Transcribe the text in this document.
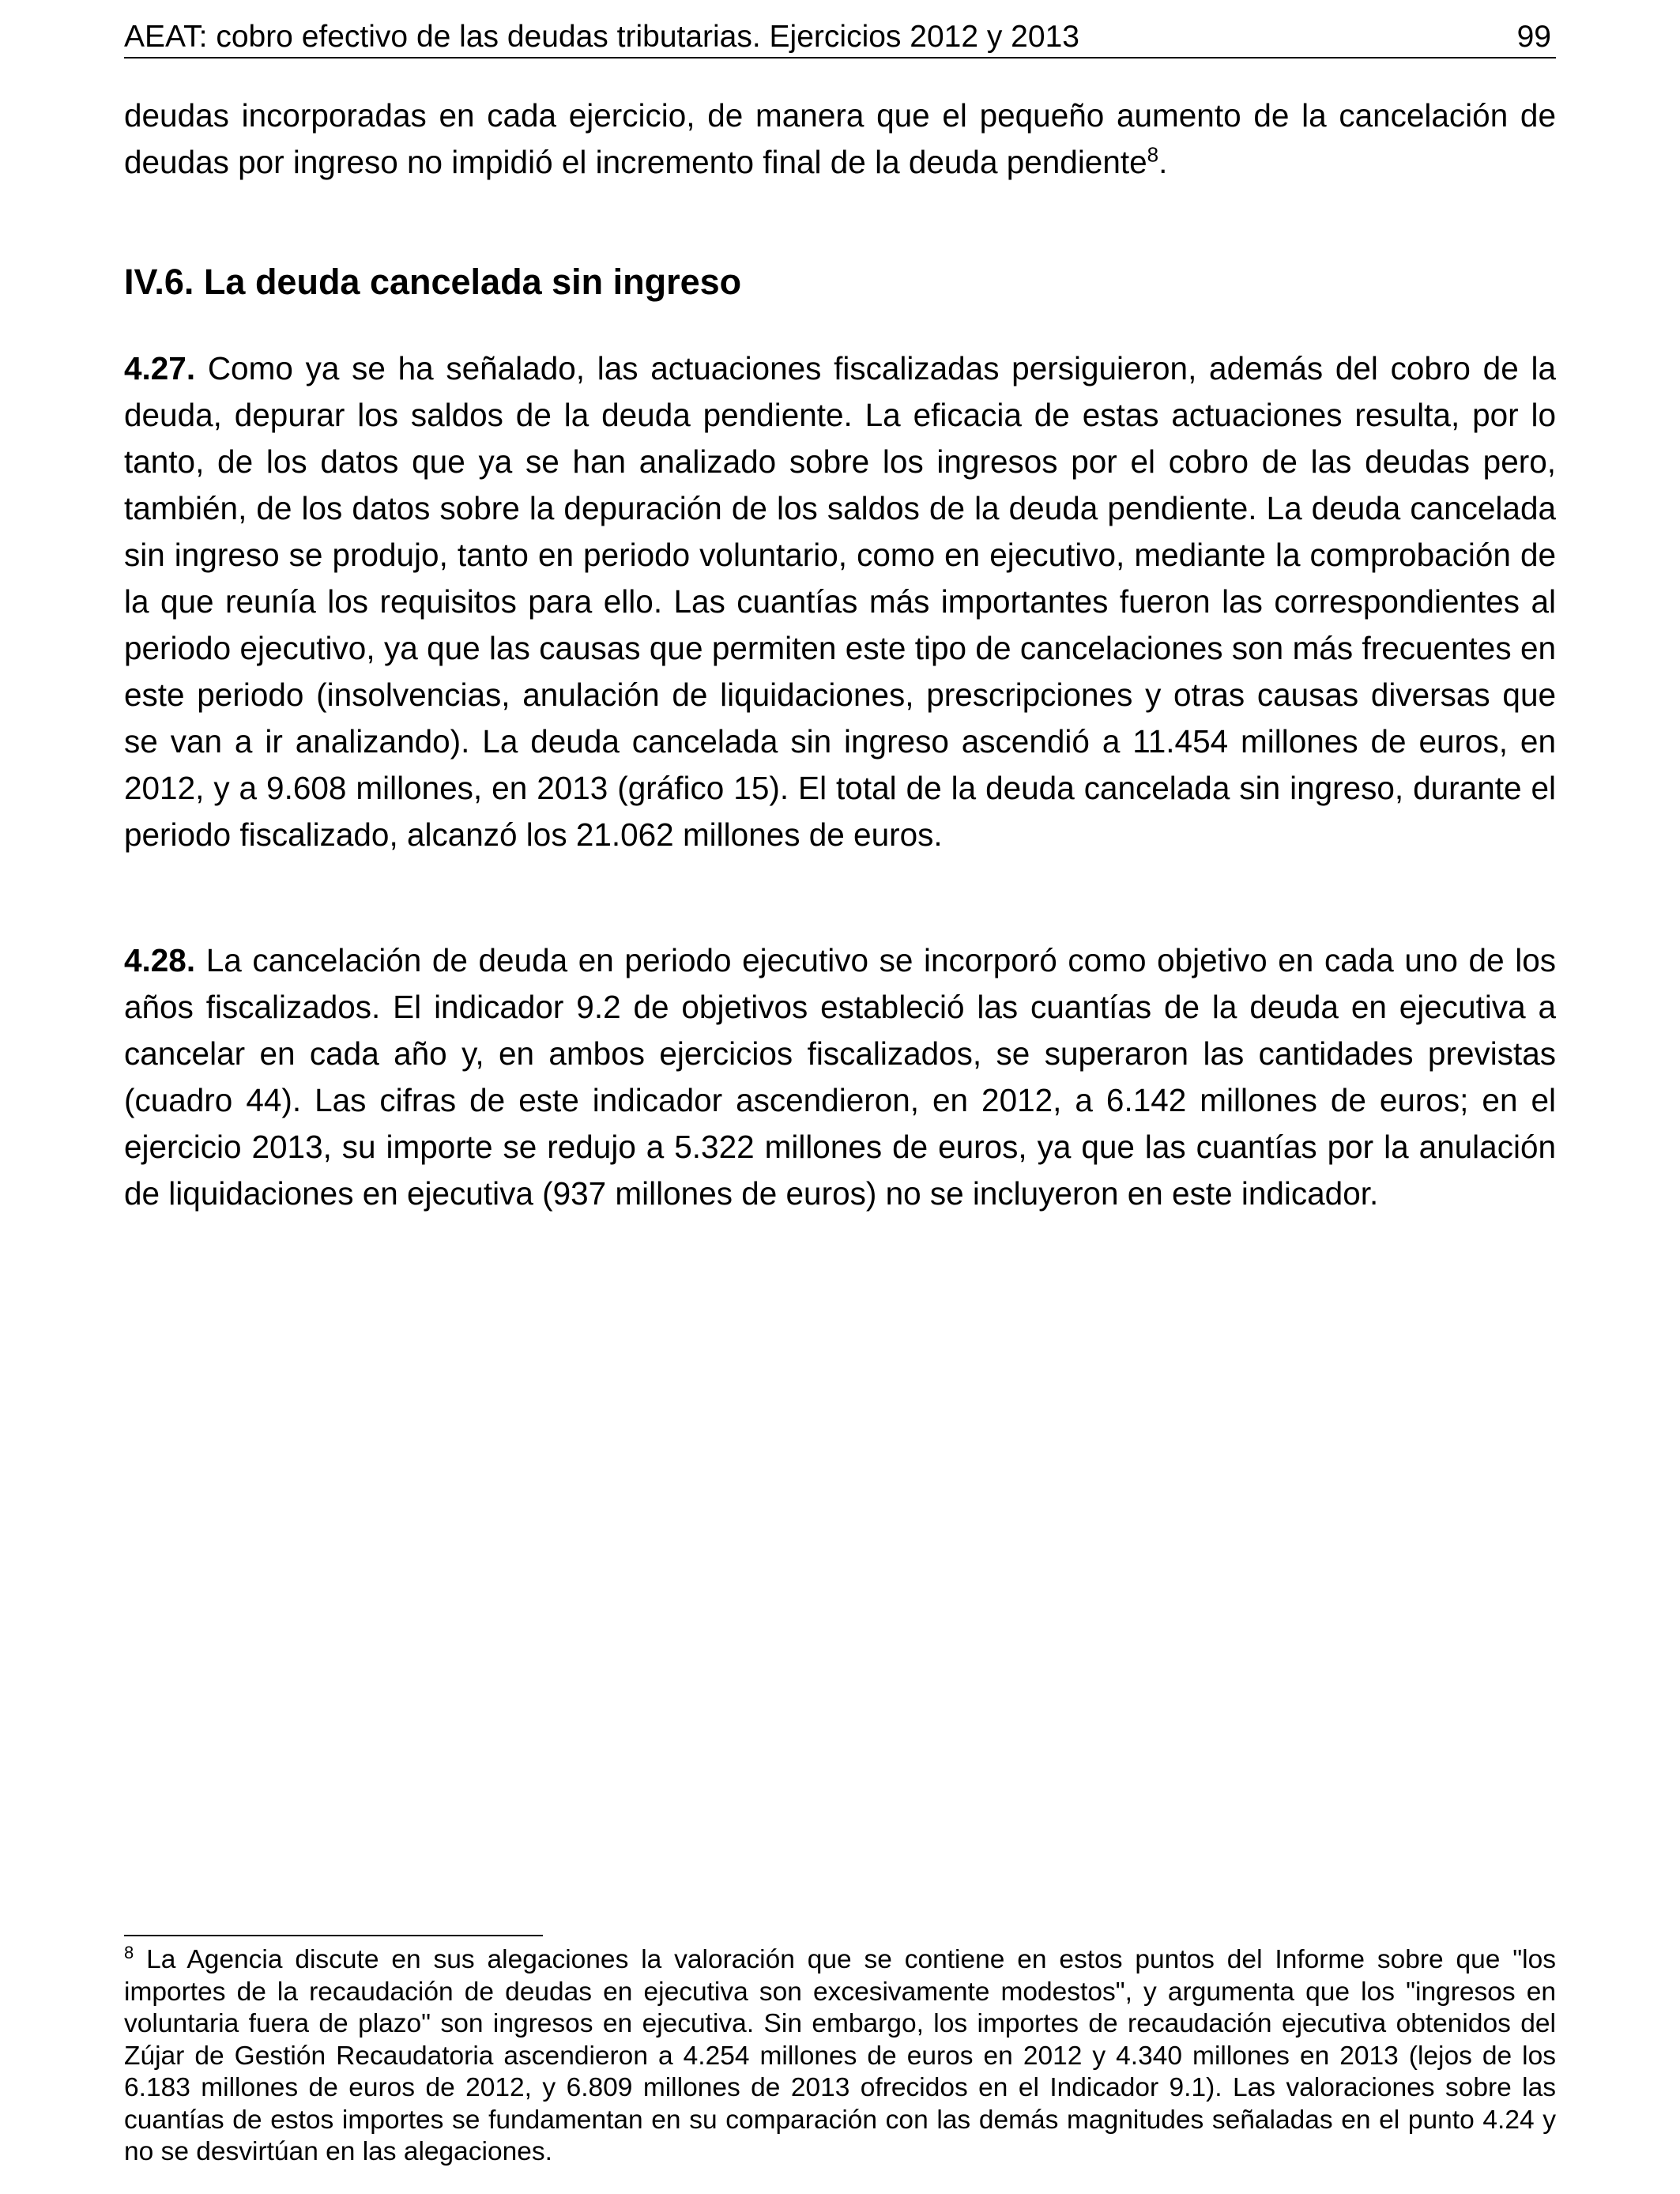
AEAT: cobro efectivo de las deudas tributarias. Ejercicios 2012 y 2013	99

deudas incorporadas en cada ejercicio, de manera que el pequeño aumento de la cancelación de deudas por ingreso no impidió el incremento final de la deuda pendiente$^8$.

IV.6. La deuda cancelada sin ingreso

4.27. Como ya se ha señalado, las actuaciones fiscalizadas persiguieron, además del cobro de la deuda, depurar los saldos de la deuda pendiente. La eficacia de estas actuaciones resulta, por lo tanto, de los datos que ya se han analizado sobre los ingresos por el cobro de las deudas pero, también, de los datos sobre la depuración de los saldos de la deuda pendiente. La deuda cancelada sin ingreso se produjo, tanto en periodo voluntario, como en ejecutivo, mediante la comprobación de la que reunía los requisitos para ello. Las cuantías más importantes fueron las correspondientes al periodo ejecutivo, ya que las causas que permiten este tipo de cancelaciones son más frecuentes en este periodo (insolvencias, anulación de liquidaciones, prescripciones y otras causas diversas que se van a ir analizando). La deuda cancelada sin ingreso ascendió a 11.454 millones de euros, en 2012, y a 9.608 millones, en 2013 (gráfico 15). El total de la deuda cancelada sin ingreso, durante el periodo fiscalizado, alcanzó los 21.062 millones de euros.

4.28. La cancelación de deuda en periodo ejecutivo se incorporó como objetivo en cada uno de los años fiscalizados. El indicador 9.2 de objetivos estableció las cuantías de la deuda en ejecutiva a cancelar en cada año y, en ambos ejercicios fiscalizados, se superaron las cantidades previstas (cuadro 44). Las cifras de este indicador ascendieron, en 2012, a 6.142 millones de euros; en el ejercicio 2013, su importe se redujo a 5.322 millones de euros, ya que las cuantías por la anulación de liquidaciones en ejecutiva (937 millones de euros) no se incluyeron en este indicador.

$^8$ La Agencia discute en sus alegaciones la valoración que se contiene en estos puntos del Informe sobre que "los importes de la recaudación de deudas en ejecutiva son excesivamente modestos", y argumenta que los "ingresos en voluntaria fuera de plazo" son ingresos en ejecutiva. Sin embargo, los importes de recaudación ejecutiva obtenidos del Zújar de Gestión Recaudatoria ascendieron a 4.254 millones de euros en 2012 y 4.340 millones en 2013 (lejos de los 6.183 millones de euros de 2012, y 6.809 millones de 2013 ofrecidos en el Indicador 9.1). Las valoraciones sobre las cuantías de estos importes se fundamentan en su comparación con las demás magnitudes señaladas en el punto 4.24 y no se desvirtúan en las alegaciones.
